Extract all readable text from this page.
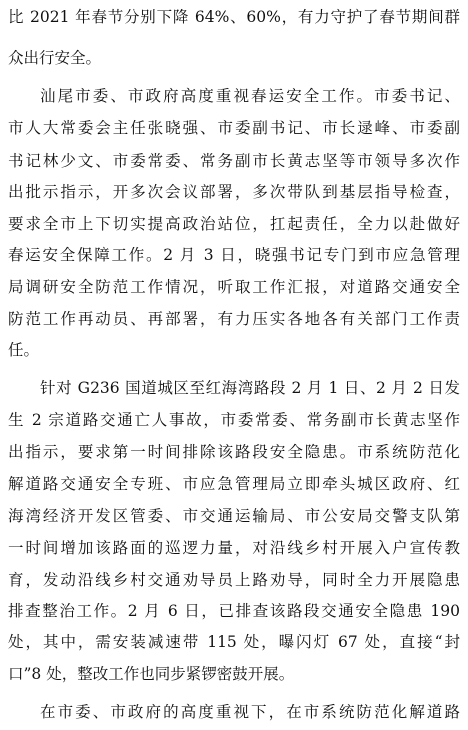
比 2021 年春节分别下降 64%、60%，有力守护了春节期间群
众出行安全。
汕尾市委、市政府高度重视春运安全工作。市委书记、
市人大常委会主任张晓强、市委副书记、市长逯峰、市委副
书记林少文、市委常委、常务副市长黄志坚等市领导多次作
出批示指示，开多次会议部署，多次带队到基层指导检查，
要求全市上下切实提高政治站位，扛起责任，全力以赴做好
春运安全保障工作。2 月 3 日，晓强书记专门到市应急管理
局调研安全防范工作情况，听取工作汇报，对道路交通安全
防范工作再动员、再部署，有力压实各地各有关部门工作责
任。
针对 G236 国道城区至红海湾路段 2 月 1 日、2 月 2 日发
生 2 宗道路交通亡人事故，市委常委、常务副市长黄志坚作
出指示，要求第一时间排除该路段安全隐患。市系统防范化
解道路交通安全专班、市应急管理局立即牵头城区政府、红
海湾经济开发区管委、市交通运输局、市公安局交警支队第
一时间增加该路面的巡逻力量，对沿线乡村开展入户宣传教
育，发动沿线乡村交通劝导员上路劝导，同时全力开展隐患
排查整治工作。2 月 6 日，已排查该路段交通安全隐患 190
处，其中，需安装减速带 115 处，曝闪灯 67 处，直接“封
口”8 处，整改工作也同步紧锣密鼓开展。
在市委、市政府的高度重视下，在市系统防范化解道路
